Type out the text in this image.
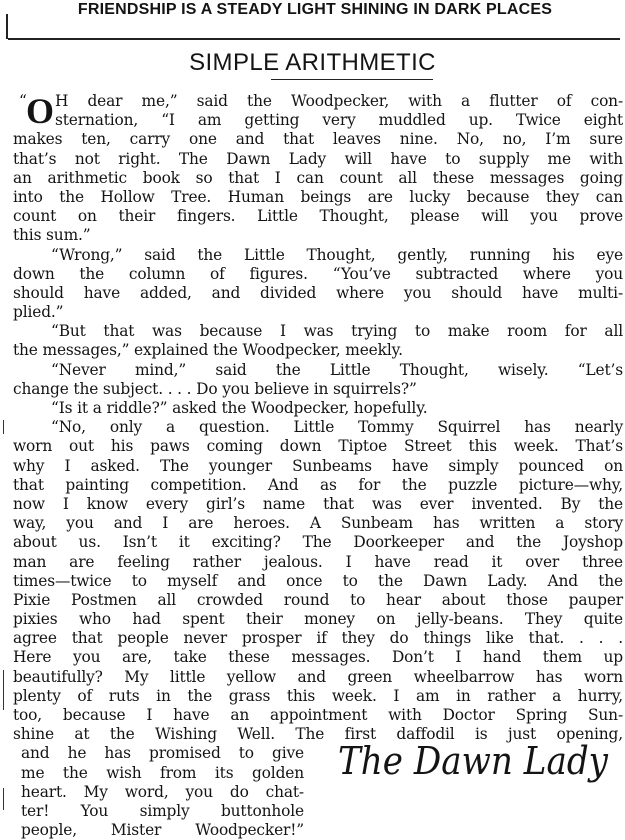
FRIENDSHIP IS A STEADY LIGHT SHINING IN DARK PLACES
SIMPLE ARITHMETIC
O
“ H dear me,” said the Woodpecker, with a flutter of con-
sternation, “I am getting very muddled up. Twice eight
makes ten, carry one and that leaves nine. No, no, I’m sure
that’s not right. The Dawn Lady will have to supply me with
an arithmetic book so that I can count all these messages going
into the Hollow Tree. Human beings are lucky because they can
count on their fingers. Little Thought, please will you prove
this sum.”
“Wrong,” said the Little Thought, gently, running his eye
down the column of figures. “You’ve subtracted where you
should have added, and divided where you should have multi-
plied.”
“But that was because I was trying to make room for all
the messages,” explained the Woodpecker, meekly.
“Never mind,” said the Little Thought, wisely. “Let’s
change the subject. . . . Do you believe in squirrels?”
“Is it a riddle?” asked the Woodpecker, hopefully.
“No, only a question. Little Tommy Squirrel has nearly
worn out his paws coming down Tiptoe Street this week. That’s
why I asked. The younger Sunbeams have simply pounced on
that painting competition. And as for the puzzle picture—why,
now I know every girl’s name that was ever invented. By the
way, you and I are heroes. A Sunbeam has written a story
about us. Isn’t it exciting? The Doorkeeper and the Joyshop
man are feeling rather jealous. I have read it over three
times—twice to myself and once to the Dawn Lady. And the
Pixie Postmen all crowded round to hear about those pauper
pixies who had spent their money on jelly-beans. They quite
agree that people never prosper if they do things like that. . . .
Here you are, take these messages. Don’t I hand them up
beautifully? My little yellow and green wheelbarrow has worn
plenty of ruts in the grass this week. I am in rather a hurry,
too, because I have an appointment with Doctor Spring Sun-
shine at the Wishing Well. The first daffodil is just opening,
and he has promised to give
me the wish from its golden
heart. My word, you do chat-
ter! You simply buttonhole
people, Mister Woodpecker!”
The Dawn Lady
